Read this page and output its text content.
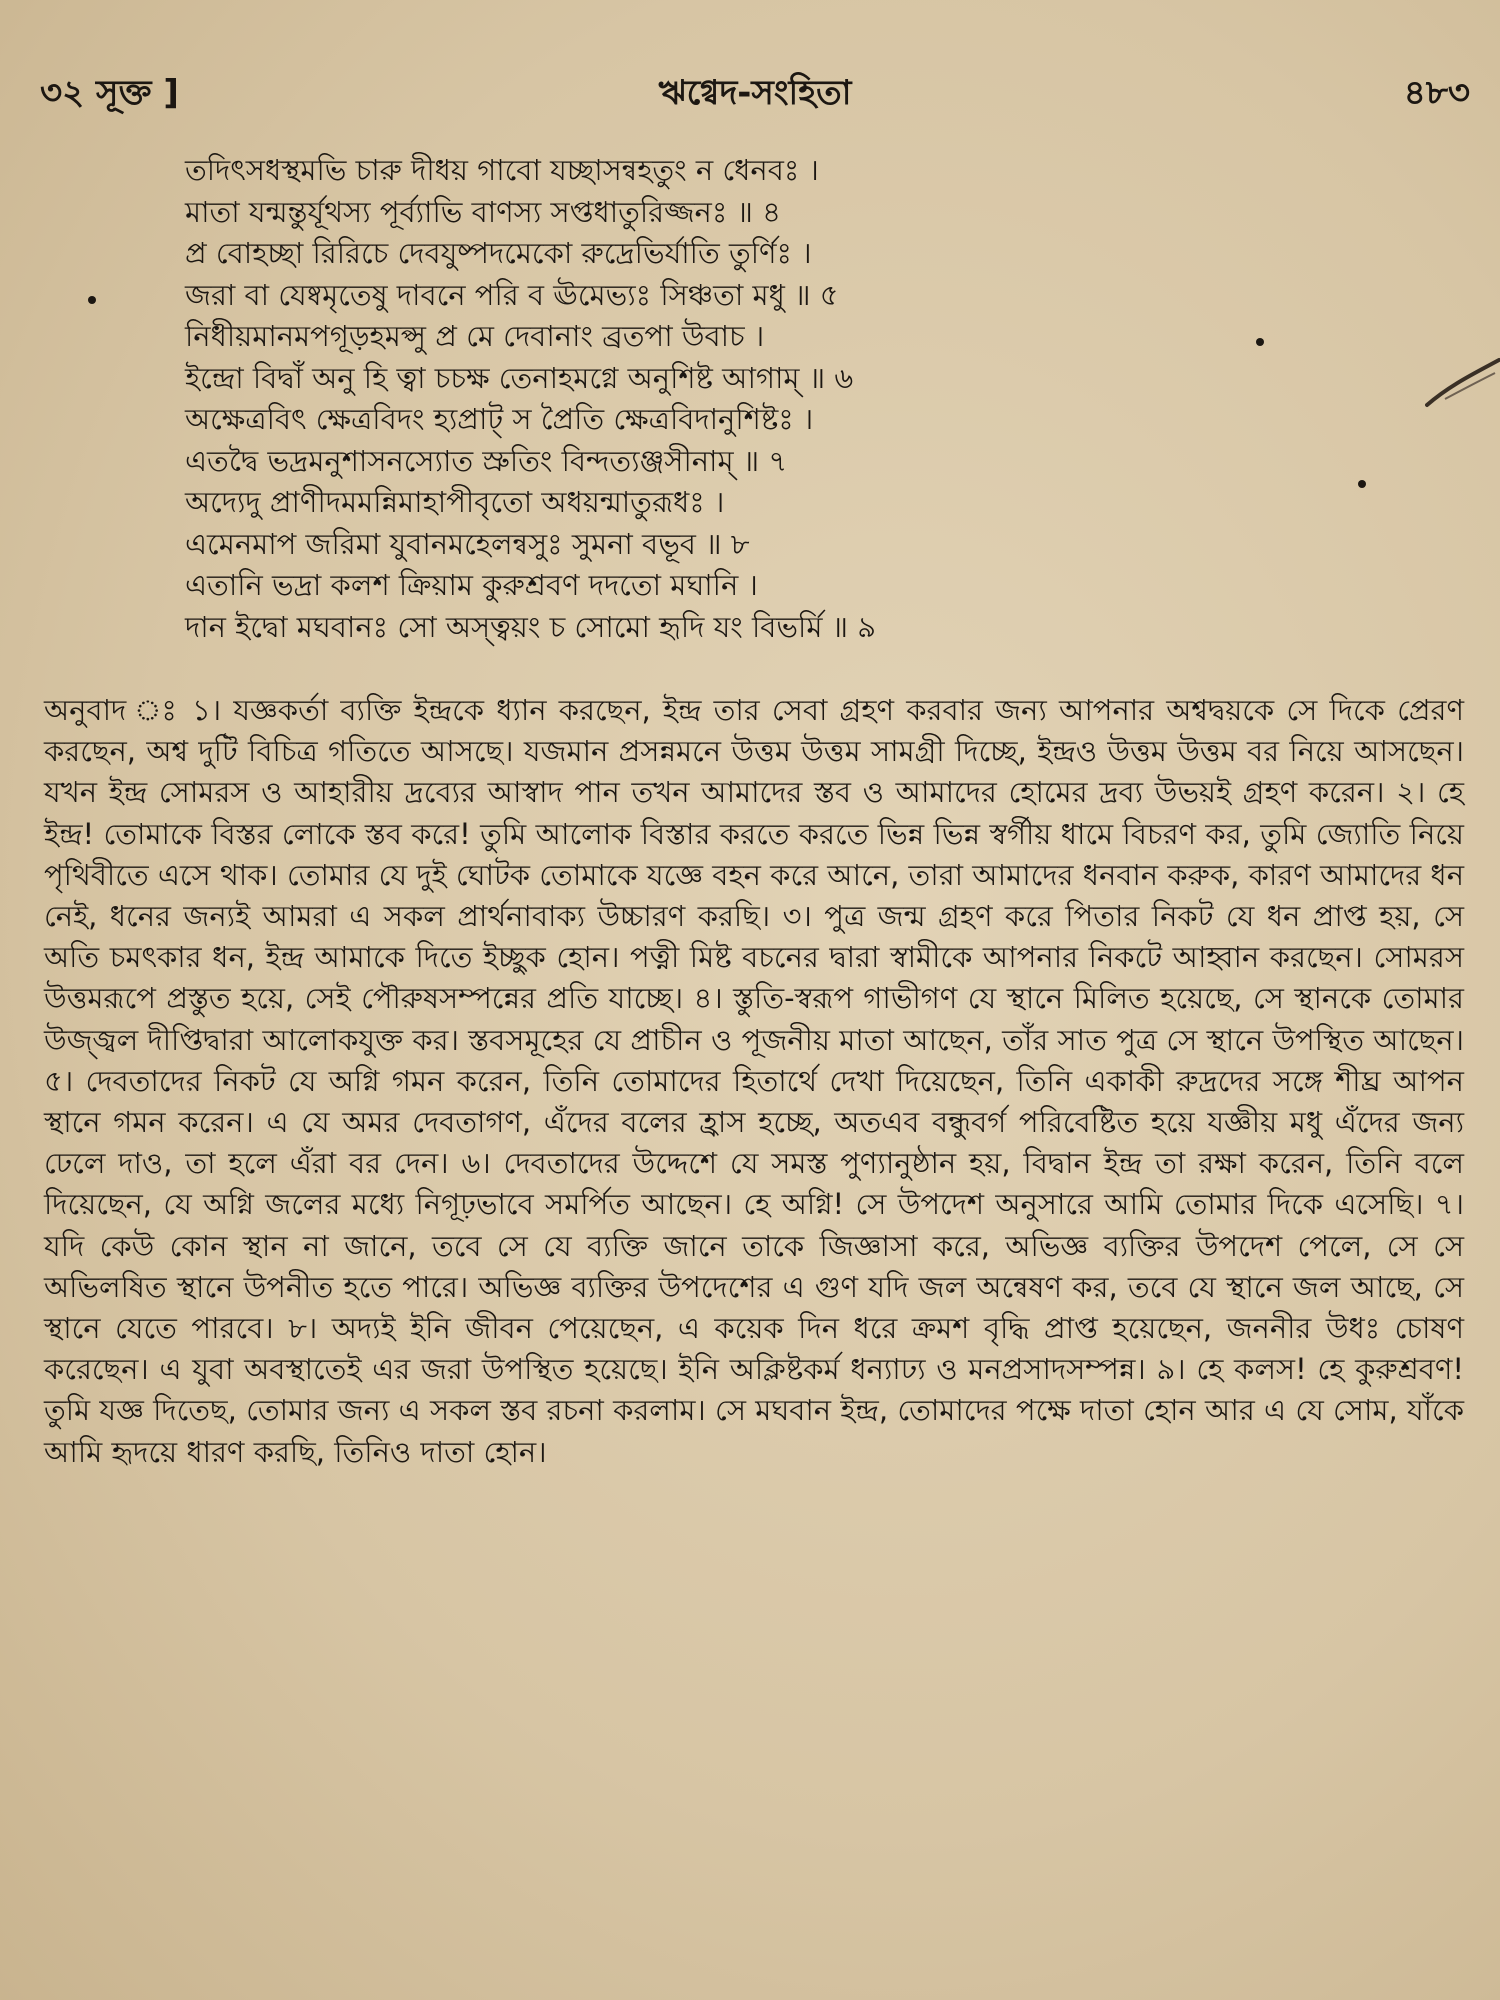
৩২ সূক্ত ]	ঋগ্বেদ-সংহিতা	৪৮৩
তদিৎসধস্থমভি চারু দীধয় গাবো যচ্ছাসন্বহতুং ন ধেনবঃ ।
মাতা যন্মন্তুর্যূথস্য পূর্ব্যাভি বাণস্য সপ্তধাতুরিজ্জনঃ ॥ ৪
প্র বোহচ্ছা রিরিচে দেবযুষ্পদমেকো রুদ্রেভির্যাতি তুর্ণিঃ ।
জরা বা যেষ্বমৃতেষু দাবনে পরি ব ঊমেভ্যঃ সিঞ্চতা মধু ॥ ৫
নিধীয়মানমপগূড়হমপ্সু প্র মে দেবানাং ব্রতপা উবাচ ।
ইন্দ্রো বিদ্বাঁ অনু হি ত্বা চচক্ষ তেনাহমগ্নে অনুশিষ্ট আগাম্ ॥ ৬
অক্ষেত্রবিৎ ক্ষেত্রবিদং হ্যপ্রাট্ স প্রৈতি ক্ষেত্রবিদানুশিষ্টঃ ।
এতদ্বৈ ভদ্রমনুশাসনস্যোত স্রুতিং বিন্দত্যঞ্জসীনাম্ ॥ ৭
অদ্যেদু প্রাণীদমমন্নিমাহাপীবৃতো অধয়ন্মাতুরূধঃ ।
এমেনমাপ জরিমা যুবানমহেলন্বসুঃ সুমনা বভূব ॥ ৮
এতানি ভদ্রা কলশ ক্রিয়াম কুরুশ্রবণ দদতো মঘানি ।
দান ইদ্বো মঘবানঃ সো অস্ত্বয়ং চ সোমো হৃদি যং বিভর্মি ॥ ৯
অনুবাদ ঃ ১। যজ্ঞকর্তা ব্যক্তি ইন্দ্রকে ধ্যান করছেন, ইন্দ্র তার সেবা গ্রহণ করবার জন্য আপনার অশ্বদ্বয়কে সে দিকে প্রেরণ করছেন, অশ্ব দুটি বিচিত্র গতিতে আসছে। যজমান প্রসন্নমনে উত্তম উত্তম সামগ্রী দিচ্ছে, ইন্দ্রও উত্তম উত্তম বর নিয়ে আসছেন। যখন ইন্দ্র সোমরস ও আহারীয় দ্রব্যের আস্বাদ পান তখন আমাদের স্তব ও আমাদের হোমের দ্রব্য উভয়ই গ্রহণ করেন। ২। হে ইন্দ্র! তোমাকে বিস্তর লোকে স্তব করে! তুমি আলোক বিস্তার করতে করতে ভিন্ন ভিন্ন স্বর্গীয় ধামে বিচরণ কর, তুমি জ্যোতি নিয়ে পৃথিবীতে এসে থাক। তোমার যে দুই ঘোটক তোমাকে যজ্ঞে বহন করে আনে, তারা আমাদের ধনবান করুক, কারণ আমাদের ধন নেই, ধনের জন্যই আমরা এ সকল প্রার্থনাবাক্য উচ্চারণ করছি। ৩। পুত্র জন্ম গ্রহণ করে পিতার নিকট যে ধন প্রাপ্ত হয়, সে অতি চমৎকার ধন, ইন্দ্র আমাকে দিতে ইচ্ছুক হোন। পত্নী মিষ্ট বচনের দ্বারা স্বামীকে আপনার নিকটে আহ্বান করছেন। সোমরস উত্তমরূপে প্রস্তুত হয়ে, সেই পৌরুষসম্পন্নের প্রতি যাচ্ছে। ৪। স্তুতি-স্বরূপ গাভীগণ যে স্থানে মিলিত হয়েছে, সে স্থানকে তোমার উজ্জ্বল দীপ্তিদ্বারা আলোকযুক্ত কর। স্তবসমূহের যে প্রাচীন ও পূজনীয় মাতা আছেন, তাঁর সাত পুত্র সে স্থানে উপস্থিত আছেন। ৫। দেবতাদের নিকট যে অগ্নি গমন করেন, তিনি তোমাদের হিতার্থে দেখা দিয়েছেন, তিনি একাকী রুদ্রদের সঙ্গে শীঘ্র আপন স্থানে গমন করেন। এ যে অমর দেবতাগণ, এঁদের বলের হ্রাস হচ্ছে, অতএব বন্ধুবর্গ পরিবেষ্টিত হয়ে যজ্ঞীয় মধু এঁদের জন্য ঢেলে দাও, তা হলে এঁরা বর দেন। ৬। দেবতাদের উদ্দেশে যে সমস্ত পুণ্যানুষ্ঠান হয়, বিদ্বান ইন্দ্র তা রক্ষা করেন, তিনি বলে দিয়েছেন, যে অগ্নি জলের মধ্যে নিগূঢ়ভাবে সমর্পিত আছেন। হে অগ্নি! সে উপদেশ অনুসারে আমি তোমার দিকে এসেছি। ৭। যদি কেউ কোন স্থান না জানে, তবে সে যে ব্যক্তি জানে তাকে জিজ্ঞাসা করে, অভিজ্ঞ ব্যক্তির উপদেশ পেলে, সে সে অভিলষিত স্থানে উপনীত হতে পারে। অভিজ্ঞ ব্যক্তির উপদেশের এ গুণ যদি জল অন্বেষণ কর, তবে যে স্থানে জল আছে, সে স্থানে যেতে পারবে। ৮। অদ্যই ইনি জীবন পেয়েছেন, এ কয়েক দিন ধরে ক্রমশ বৃদ্ধি প্রাপ্ত হয়েছেন, জননীর উধঃ চোষণ করেছেন। এ যুবা অবস্থাতেই এর জরা উপস্থিত হয়েছে। ইনি অক্লিষ্টকর্ম ধন্যাঢ্য ও মনপ্রসাদসম্পন্ন। ৯। হে কলস! হে কুরুশ্রবণ! তুমি যজ্ঞ দিতেছ, তোমার জন্য এ সকল স্তব রচনা করলাম। সে মঘবান ইন্দ্র, তোমাদের পক্ষে দাতা হোন আর এ যে সোম, যাঁকে আমি হৃদয়ে ধারণ করছি, তিনিও দাতা হোন।
